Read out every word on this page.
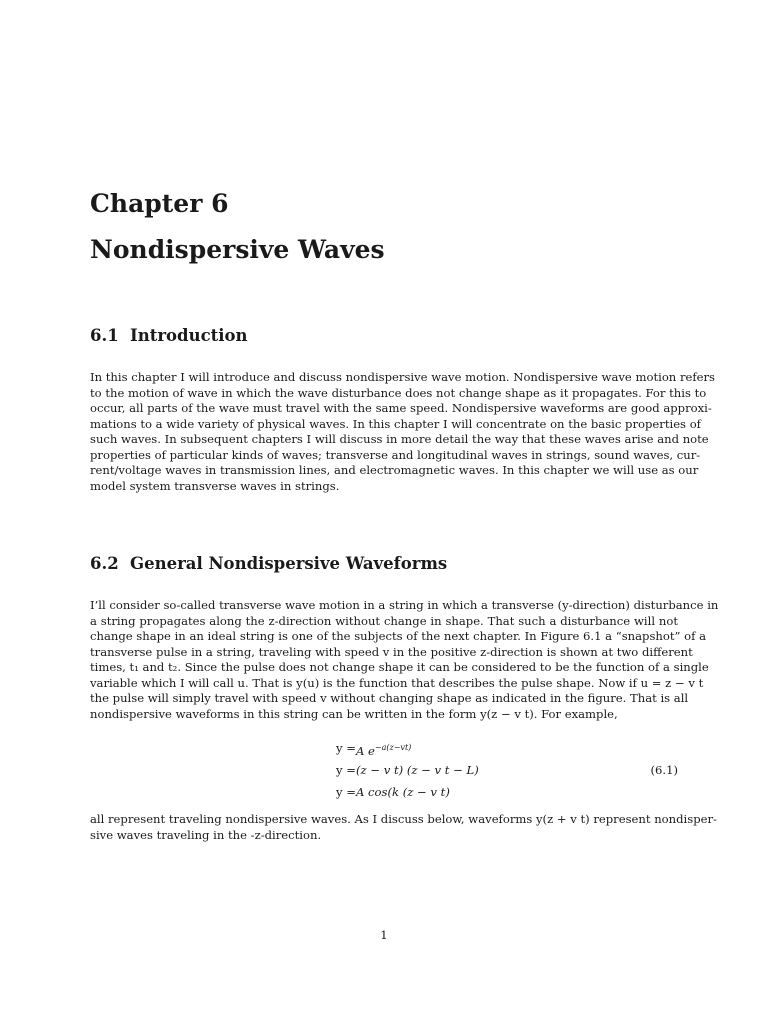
Chapter 6
Nondispersive Waves
6.1 Introduction
In this chapter I will introduce and discuss nondispersive wave motion. Nondispersive wave motion refers
to the motion of wave in which the wave disturbance does not change shape as it propagates. For this to
occur, all parts of the wave must travel with the same speed. Nondispersive waveforms are good approxi-
mations to a wide variety of physical waves. In this chapter I will concentrate on the basic properties of
such waves. In subsequent chapters I will discuss in more detail the way that these waves arise and note
properties of particular kinds of waves; transverse and longitudinal waves in strings, sound waves, cur-
rent/voltage waves in transmission lines, and electromagnetic waves. In this chapter we will use as our
model system transverse waves in strings.
6.2 General Nondispersive Waveforms
I’ll consider so-called transverse wave motion in a string in which a transverse (y-direction) disturbance in
a string propagates along the z-direction without change in shape. That such a disturbance will not
change shape in an ideal string is one of the subjects of the next chapter. In Figure 6.1 a “snapshot” of a
transverse pulse in a string, traveling with speed v in the positive z-direction is shown at two different
times, t₁ and t₂. Since the pulse does not change shape it can be considered to be the function of a single
variable which I will call u. That is y(u) is the function that describes the pulse shape. Now if u = z − v t
the pulse will simply travel with speed v without changing shape as indicated in the figure. That is all
nondispersive waveforms in this string can be written in the form y(z − v t). For example,
y = A $e^{-a(z-vt)}$
y = (z − v t) (z − v t − L)
y = A cos(k (z − v t)
(6.1)
all represent traveling nondispersive waves. As I discuss below, waveforms y(z + v t) represent nondisper-
sive waves traveling in the -z-direction.
1
